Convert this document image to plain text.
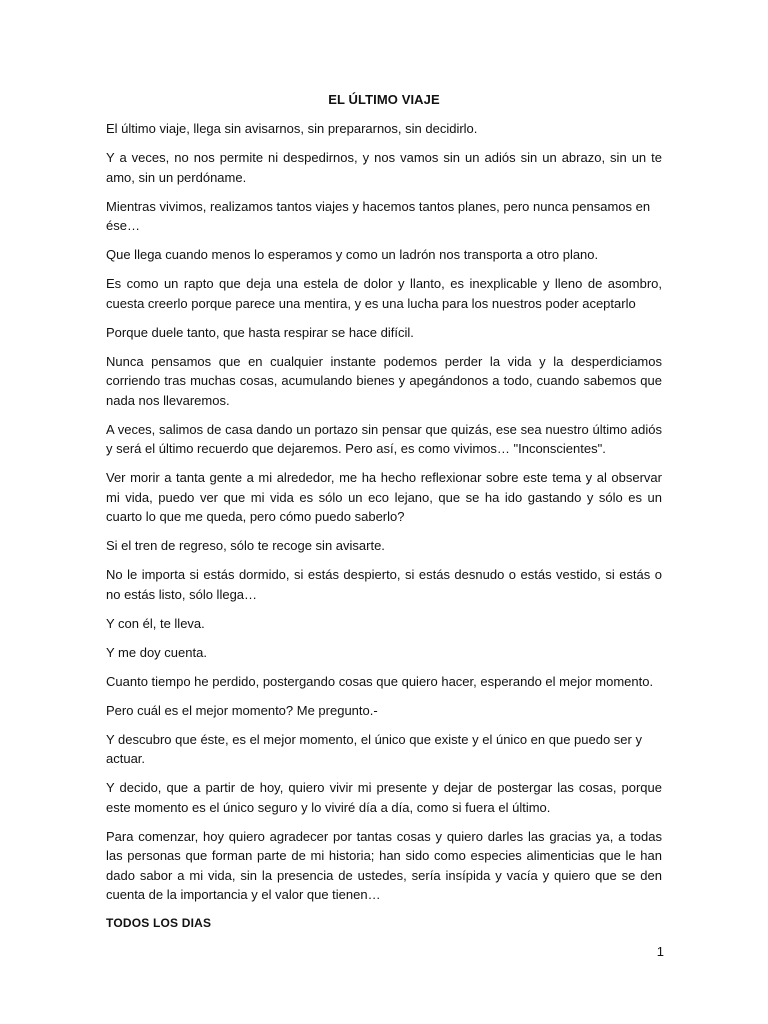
EL ÚLTIMO VIAJE

El último viaje, llega sin avisarnos, sin prepararnos, sin decidirlo.

Y a veces, no nos permite ni despedirnos, y nos vamos sin un adiós sin un abrazo, sin un te amo, sin un perdóname.

Mientras vivimos, realizamos tantos viajes y hacemos tantos planes, pero nunca pensamos en ése…

Que llega cuando menos lo esperamos y como un ladrón nos transporta a otro plano.

Es como un rapto que deja una estela de dolor y llanto, es inexplicable y lleno de asombro, cuesta creerlo porque parece una mentira, y es una lucha para los nuestros poder aceptarlo

Porque duele tanto, que hasta respirar se hace difícil.

Nunca pensamos que en cualquier instante podemos perder la vida y la desperdiciamos corriendo tras muchas cosas, acumulando bienes y apegándonos a todo, cuando sabemos que nada nos llevaremos.

A veces, salimos de casa dando un portazo sin pensar que quizás, ese sea nuestro último adiós y será el último recuerdo que dejaremos. Pero así, es como vivimos… "Inconscientes".

Ver morir a tanta gente a mi alrededor, me ha hecho reflexionar sobre este tema y al observar mi vida, puedo ver que mi vida es sólo un eco lejano, que se ha ido gastando y sólo es un cuarto lo que me queda, pero cómo puedo saberlo?

Si el tren de regreso, sólo te recoge sin avisarte.

No le importa si estás dormido, si estás despierto, si estás desnudo o estás vestido, si estás o no estás listo, sólo llega…

Y con él, te lleva.

Y me doy cuenta.

Cuanto tiempo he perdido, postergando cosas que quiero hacer, esperando el mejor momento.

Pero cuál es el mejor momento? Me pregunto.-

Y descubro que éste, es el mejor momento, el único que existe y el único en que puedo ser y actuar.

Y decido, que a partir de hoy, quiero vivir mi presente y dejar de postergar las cosas, porque este momento es el único seguro y lo viviré día a día, como si fuera el último.

Para comenzar, hoy quiero agradecer por tantas cosas y quiero darles las gracias ya, a todas las personas que forman parte de mi historia; han sido como especies alimenticias que le han dado sabor a mi vida, sin la presencia de ustedes, sería insípida y vacía y quiero que se den cuenta de la importancia y el valor que tienen…

TODOS LOS DIAS

1
